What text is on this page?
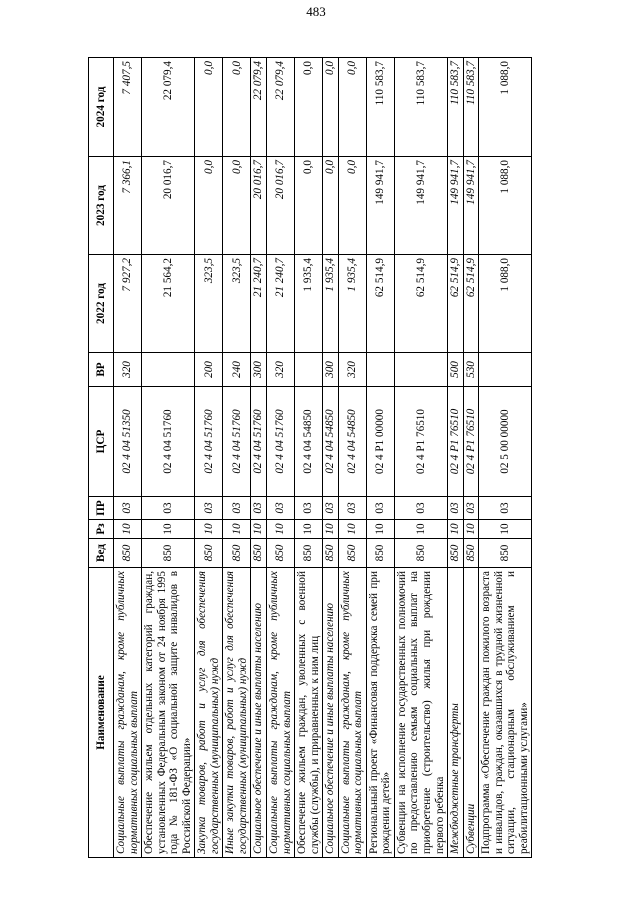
483
Наименование	Вед	Рз	ПР	ЦСР	ВР	2022 год	2023 год	2024 год
Социальные выплаты гражданам, кроме публичных нормативных социальных выплат	850	10	03	02 4 04 51350	320	7 927,2	7 366,1	7 407,5
Обеспечение жильем отдельных категорий граждан, установленных Федеральным законом от 24 ноября 1995 года № 181-ФЗ «О социальной защите инвалидов в Российской Федерации»	850	10	03	02 4 04 51760		21 564,2	20 016,7	22 079,4
Закупка товаров, работ и услуг для обеспечения государственных (муниципальных) нужд	850	10	03	02 4 04 51760	200	323,5	0,0	0,0
Иные закупки товаров, работ и услуг для обеспечения государственных (муниципальных) нужд	850	10	03	02 4 04 51760	240	323,5	0,0	0,0
Социальное обеспечение и иные выплаты населению	850	10	03	02 4 04 51760	300	21 240,7	20 016,7	22 079,4
Социальные выплаты гражданам, кроме публичных нормативных социальных выплат	850	10	03	02 4 04 51760	320	21 240,7	20 016,7	22 079,4
Обеспечение жильем граждан, уволенных с военной службы (службы), и приравненных к ним лиц	850	10	03	02 4 04 54850		1 935,4	0,0	0,0
Социальное обеспечение и иные выплаты населению	850	10	03	02 4 04 54850	300	1 935,4	0,0	0,0
Социальные выплаты гражданам, кроме публичных нормативных социальных выплат	850	10	03	02 4 04 54850	320	1 935,4	0,0	0,0
Региональный проект «Финансовая поддержка семей при рождении детей»	850	10	03	02 4 P1 00000		62 514,9	149 941,7	110 583,7
Субвенции на исполнение государственных полномочий по предоставлению семьям социальных выплат на приобретение (строительство) жилья при рождении первого ребенка	850	10	03	02 4 P1 76510		62 514,9	149 941,7	110 583,7
Межбюджетные трансферты	850	10	03	02 4 P1 76510	500	62 514,9	149 941,7	110 583,7
Субвенции	850	10	03	02 4 P1 76510	530	62 514,9	149 941,7	110 583,7
Подпрограмма «Обеспечение граждан пожилого возраста и инвалидов, граждан, оказавшихся в трудной жизненной ситуации, стационарным обслуживанием и реабилитационными услугами»	850	10	03	02 5 00 00000		1 088,0	1 088,0	1 088,0
